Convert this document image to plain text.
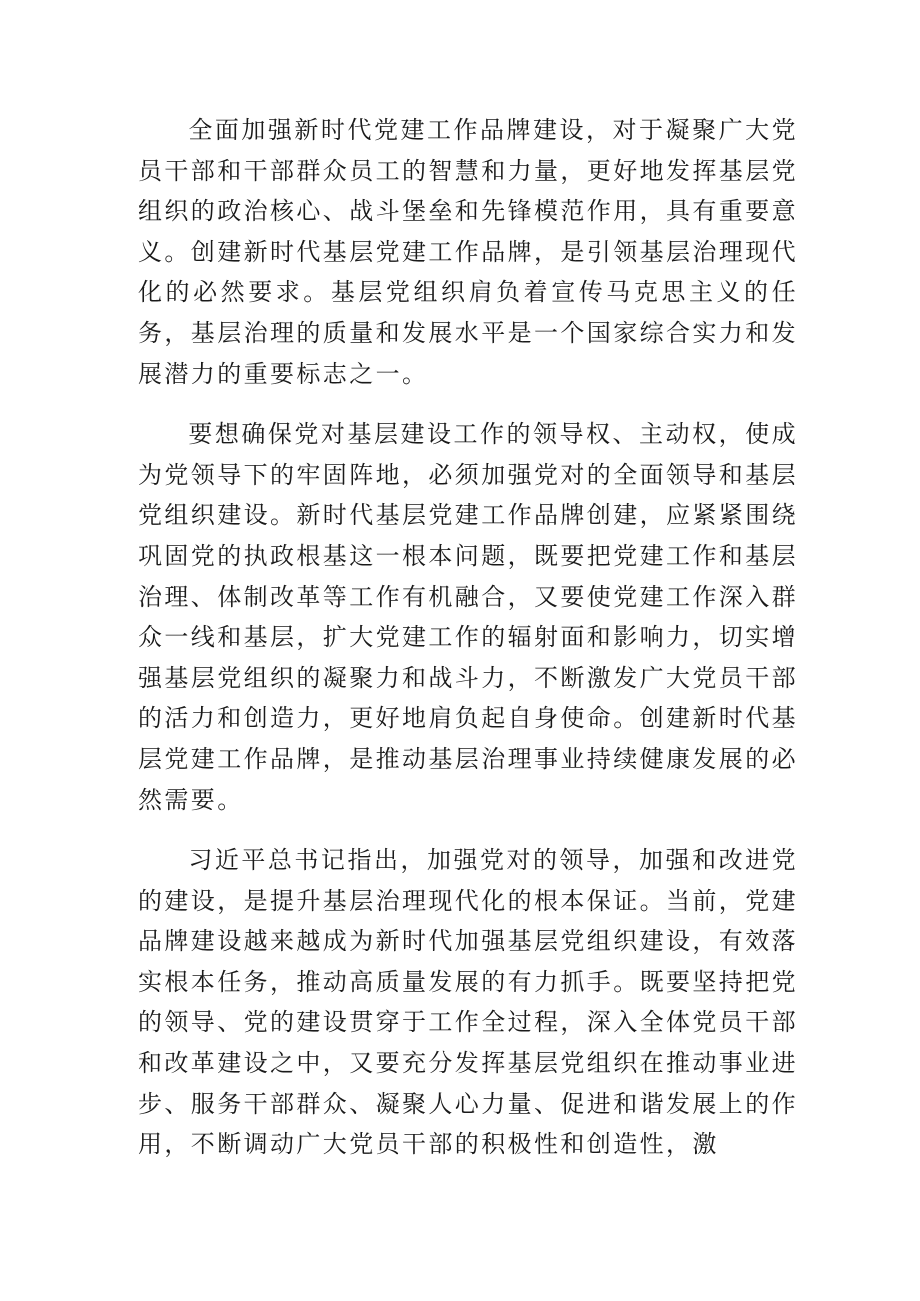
全面加强新时代党建工作品牌建设，对于凝聚广大党员干部和干部群众员工的智慧和力量，更好地发挥基层党组织的政治核心、战斗堡垒和先锋模范作用，具有重要意义。创建新时代基层党建工作品牌，是引领基层治理现代化的必然要求。基层党组织肩负着宣传马克思主义的任务，基层治理的质量和发展水平是一个国家综合实力和发展潜力的重要标志之一。

要想确保党对基层建设工作的领导权、主动权，使成为党领导下的牢固阵地，必须加强党对的全面领导和基层党组织建设。新时代基层党建工作品牌创建，应紧紧围绕巩固党的执政根基这一根本问题，既要把党建工作和基层治理、体制改革等工作有机融合，又要使党建工作深入群众一线和基层，扩大党建工作的辐射面和影响力，切实增强基层党组织的凝聚力和战斗力，不断激发广大党员干部的活力和创造力，更好地肩负起自身使命。创建新时代基层党建工作品牌，是推动基层治理事业持续健康发展的必然需要。

习近平总书记指出，加强党对的领导，加强和改进党的建设，是提升基层治理现代化的根本保证。当前，党建品牌建设越来越成为新时代加强基层党组织建设，有效落实根本任务，推动高质量发展的有力抓手。既要坚持把党的领导、党的建设贯穿于工作全过程，深入全体党员干部和改革建设之中，又要充分发挥基层党组织在推动事业进步、服务干部群众、凝聚人心力量、促进和谐发展上的作用，不断调动广大党员干部的积极性和创造性，激
